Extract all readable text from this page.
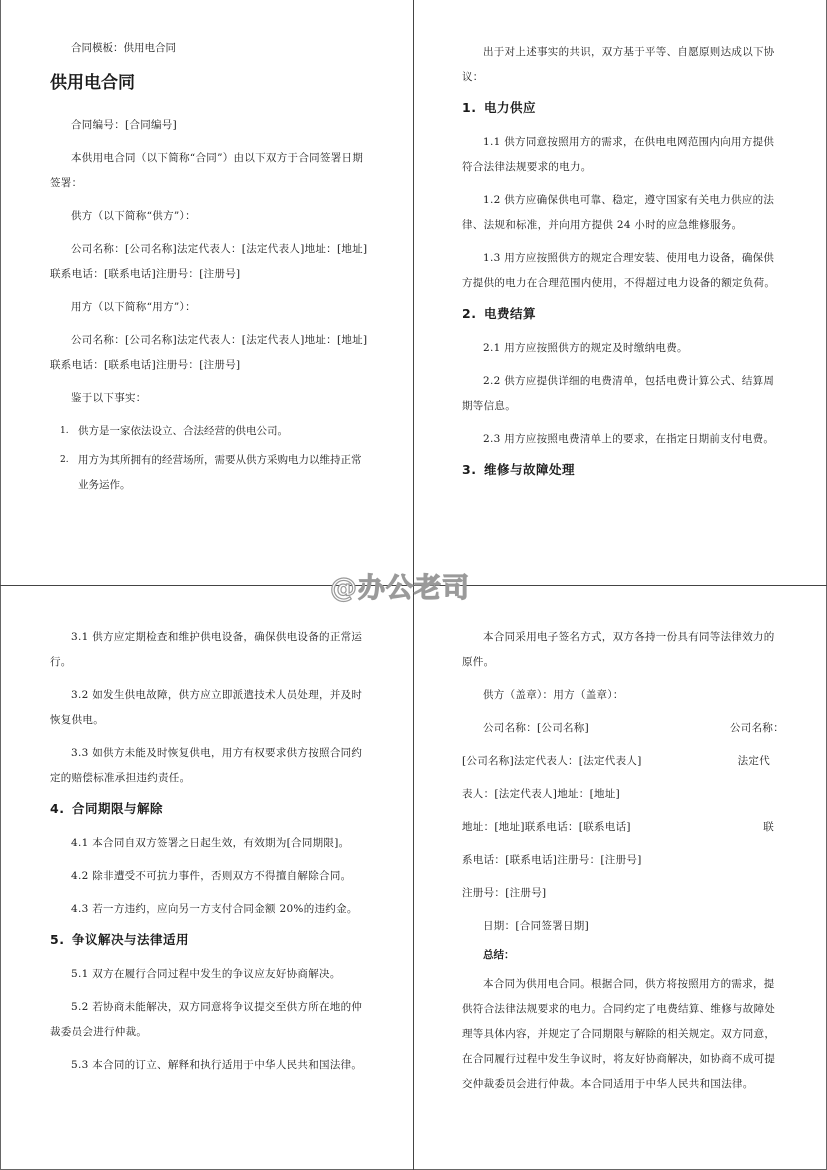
合同模板：供用电合同

供用电合同

合同编号：[合同编号]

本供用电合同（以下简称“合同”）由以下双方于合同签署日期签署：

供方（以下简称“供方”）：

公司名称：[公司名称]法定代表人：[法定代表人]地址：[地址]联系电话：[联系电话]注册号：[注册号]

用方（以下简称“用方”）：

公司名称：[公司名称]法定代表人：[法定代表人]地址：[地址]联系电话：[联系电话]注册号：[注册号]

鉴于以下事实：

1. 供方是一家依法设立、合法经营的供电公司。
2. 用方为其所拥有的经营场所，需要从供方采购电力以维持正常业务运作。

出于对上述事实的共识，双方基于平等、自愿原则达成以下协议：

1. 电力供应

1.1 供方同意按照用方的需求，在供电电网范围内向用方提供符合法律法规要求的电力。

1.2 供方应确保供电可靠、稳定，遵守国家有关电力供应的法律、法规和标准，并向用方提供 24 小时的应急维修服务。

1.3 用方应按照供方的规定合理安装、使用电力设备，确保供方提供的电力在合理范围内使用，不得超过电力设备的额定负荷。

2. 电费结算

2.1 用方应按照供方的规定及时缴纳电费。

2.2 供方应提供详细的电费清单，包括电费计算公式、结算周期等信息。

2.3 用方应按照电费清单上的要求，在指定日期前支付电费。

3. 维修与故障处理

3.1 供方应定期检查和维护供电设备，确保供电设备的正常运行。

3.2 如发生供电故障，供方应立即派遣技术人员处理，并及时恢复供电。

3.3 如供方未能及时恢复供电，用方有权要求供方按照合同约定的赔偿标准承担违约责任。

4. 合同期限与解除

4.1 本合同自双方签署之日起生效，有效期为[合同期限]。

4.2 除非遭受不可抗力事件，否则双方不得擅自解除合同。

4.3 若一方违约，应向另一方支付合同金额 20%的违约金。

5. 争议解决与法律适用

5.1 双方在履行合同过程中发生的争议应友好协商解决。

5.2 若协商未能解决，双方同意将争议提交至供方所在地的仲裁委员会进行仲裁。

5.3 本合同的订立、解释和执行适用于中华人民共和国法律。

本合同采用电子签名方式，双方各持一份具有同等法律效力的原件。

供方（盖章）：用方（盖章）：

公司名称：[公司名称]	公司名称：
[公司名称]法定代表人：[法定代表人]	法定代

表人：[法定代表人]地址：[地址]

地址：[地址]联系电话：[联系电话]	联

系电话：[联系电话]注册号：[注册号]

注册号：[注册号]

日期：[合同签署日期]

总结：

本合同为供用电合同。根据合同，供方将按照用方的需求，提供符合法律法规要求的电力。合同约定了电费结算、维修与故障处理等具体内容，并规定了合同期限与解除的相关规定。双方同意，在合同履行过程中发生争议时，将友好协商解决，如协商不成可提交仲裁委员会进行仲裁。本合同适用于中华人民共和国法律。

@办公老司
